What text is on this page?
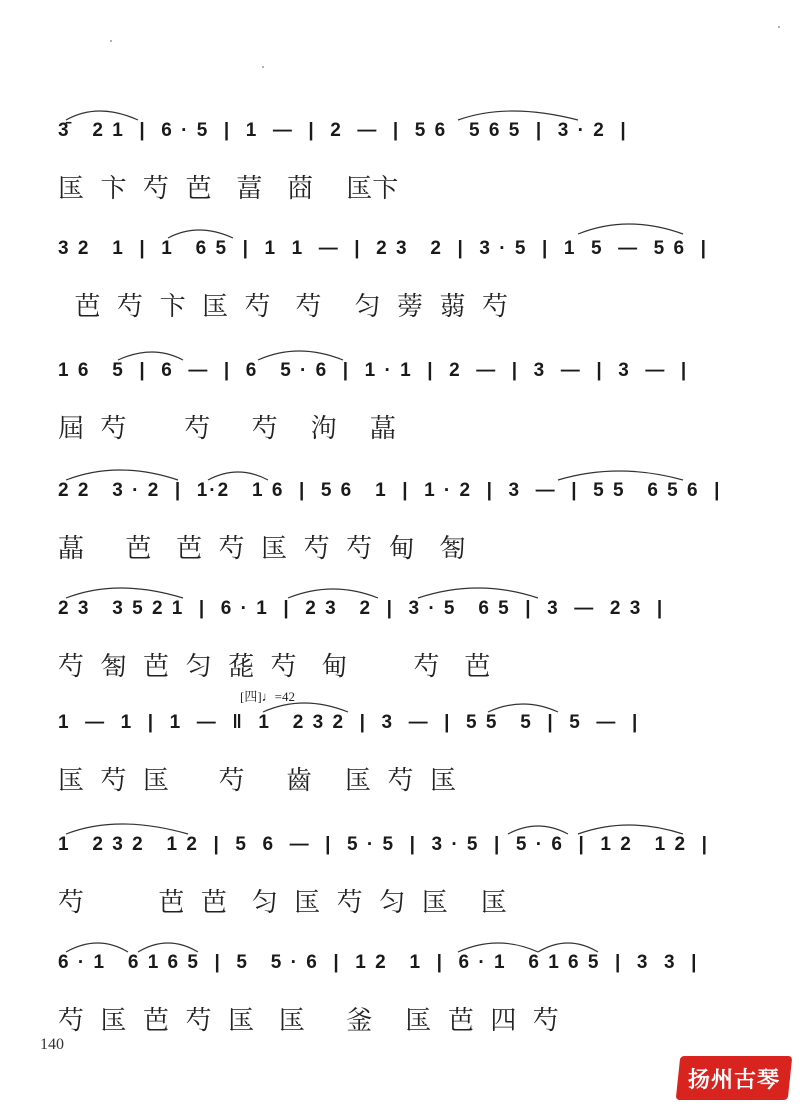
3̄   2 1  |  6 · 5  |  1  —  |  2  —  |  5 6   5 6 5  |  3 · 2  |
匤  卞  芍  芭   葍   莔    匤卞
3 2   1  |  1   6 5  |  1  1  —  |  2 3   2  |  3 · 5  |  1  5  —  5 6  |
芭  芍  卞  匤  芍   芍    匀  蒡  蒻  芍
1 6   5  |  6  —  |  6   5 · 6  |  1 · 1  |  2  —  |  3  —  |  3  —  |
屆  芍       芍     芍    泃    蕌
2 2   3 · 2  |  1·2   1 6  |  5 6   1  |  1 · 2  |  3  —  |  5 5   6 5 6  |
蕌     芭   芭  芍  匤  芍  芍  甸   匒
2 3   3 5 2 1  |  6 · 1  |  2 3   2  |  3 · 5   6 5  |  3  —  2 3  |
芍  匒  芭  匀  蒊  芍   甸        芍   芭
[四]♩=42
1  —  1  |  1  —  ‖  1   2 3 2  |  3  —  |  5 5   5  |  5  —  |
匤  芍  匤      芍     齒    匤  芍  匤
1   2 3 2   1 2  |  5  6  —  |  5 · 5  |  3 · 5  |  5 · 6  |  1 2   1 2  |
芍         芭  芭   匀  匤  芍  匀  匤    匤
6 · 1   6 1 6 5  |  5   5 · 6  |  1 2   1  |  6 · 1   6 1 6 5  |  3  3  |
芍  匤  芭  芍  匤   匤     釜    匤  芭  四  芍
140
扬州古琴
